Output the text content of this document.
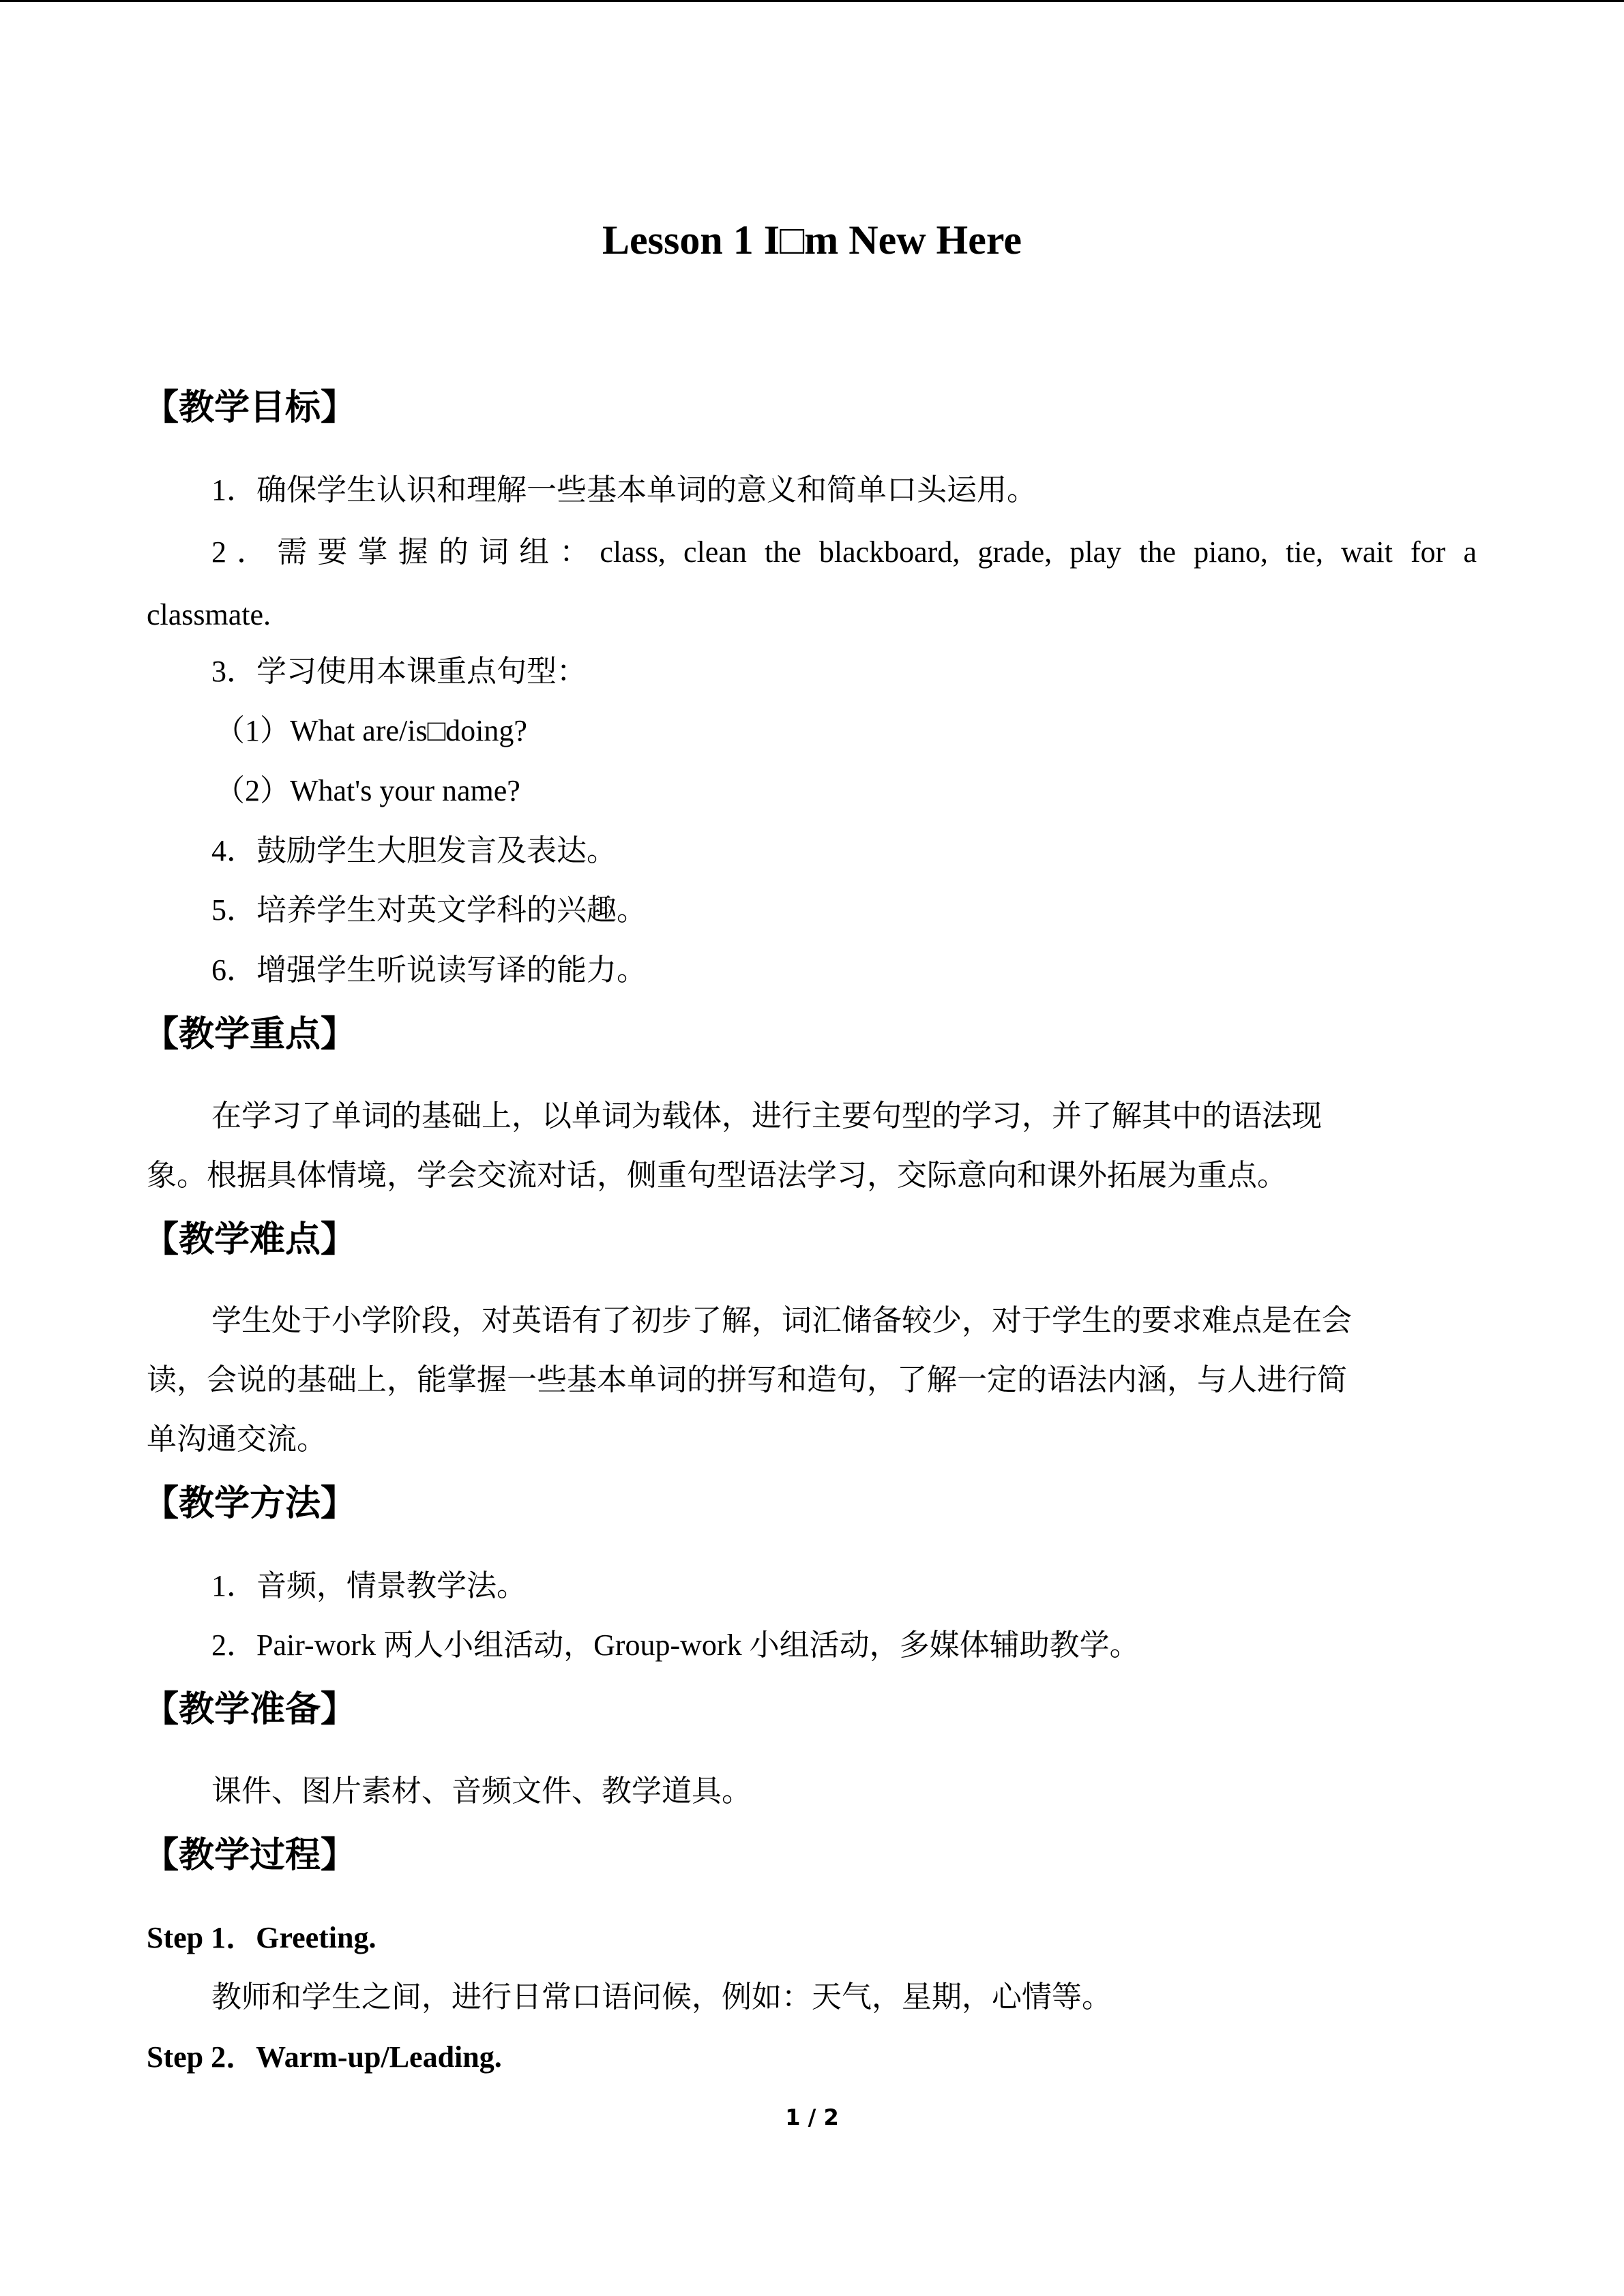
Lesson 1 I□m New Here
【教学目标】
1．确保学生认识和理解一些基本单词的意义和简单口头运用。
2．需要掌握的词组：class, clean the blackboard, grade, play the piano, tie, wait for a
classmate.
3．学习使用本课重点句型：
（1）What are/is□doing?
（2）What's your name?
4．鼓励学生大胆发言及表达。
5．培养学生对英文学科的兴趣。
6．增强学生听说读写译的能力。
【教学重点】
在学习了单词的基础上，以单词为载体，进行主要句型的学习，并了解其中的语法现
象。根据具体情境，学会交流对话，侧重句型语法学习，交际意向和课外拓展为重点。
【教学难点】
学生处于小学阶段，对英语有了初步了解，词汇储备较少，对于学生的要求难点是在会
读，会说的基础上，能掌握一些基本单词的拼写和造句，了解一定的语法内涵，与人进行简
单沟通交流。
【教学方法】
1．音频，情景教学法。
2．Pair-work 两人小组活动，Group-work 小组活动，多媒体辅助教学。
【教学准备】
课件、图片素材、音频文件、教学道具。
【教学过程】
Step 1．Greeting.
教师和学生之间，进行日常口语问候，例如：天气，星期，心情等。
Step 2．Warm-up/Leading.
1 / 2
